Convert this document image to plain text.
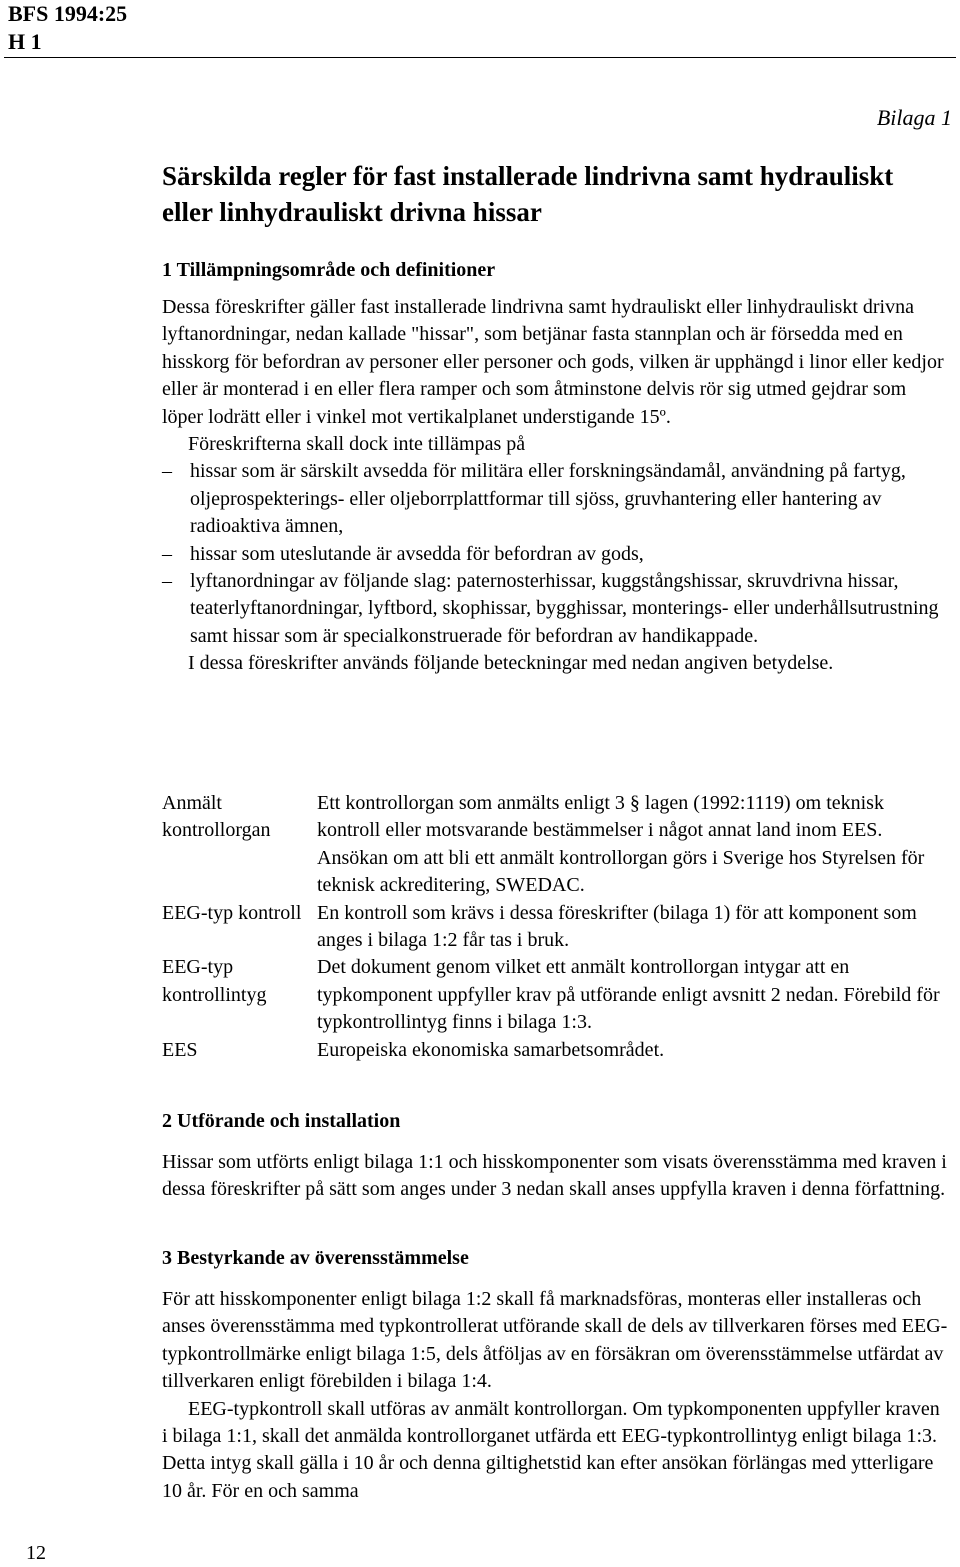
BFS 1994:25
H 1
Bilaga 1
Särskilda regler för fast installerade lindrivna samt hydrauliskt eller linhydrauliskt drivna hissar
1 Tillämpningsområde och definitioner

Dessa föreskrifter gäller fast installerade lindrivna samt hydrauliskt eller linhydrauliskt drivna lyftanordningar, nedan kallade "hissar", som betjänar fasta stannplan och är försedda med en hisskorg för befordran av personer eller personer och gods, vilken är upphängd i linor eller kedjor eller är monterad i en eller flera ramper och som åtminstone delvis rör sig utmed gejdrar som löper lodrätt eller i vinkel mot vertikalplanet understigande 15º.

Föreskrifterna skall dock inte tillämpas på

– hissar som är särskilt avsedda för militära eller forskningsändamål, användning på fartyg, oljeprospekterings- eller oljeborrplattformar till sjöss, gruvhantering eller hantering av radioaktiva ämnen,
– hissar som uteslutande är avsedda för befordran av gods,
– lyftanordningar av följande slag: paternosterhissar, kuggstångshissar, skruvdrivna hissar, teaterlyftanordningar, lyftbord, skophissar, bygghissar, monterings- eller underhållsutrustning samt hissar som är specialkonstruerade för befordran av handikappade.

I dessa föreskrifter används följande beteckningar med nedan angiven betydelse.

Anmält kontrollorgan
Ett kontrollorgan som anmälts enligt 3 § lagen (1992:1119) om teknisk kontroll eller motsvarande bestämmelser i något annat land inom EES. Ansökan om att bli ett anmält kontrollorgan görs i Sverige hos Styrelsen för teknisk ackreditering, SWEDAC.
EEG-typ kontroll En kontroll som krävs i dessa föreskrifter (bilaga 1) för att komponent som anges i bilaga 1:2 får tas i bruk.
EEG-typ kontrollintyg
Det dokument genom vilket ett anmält kontrollorgan intygar att en typkomponent uppfyller krav på utförande enligt avsnitt 2 nedan. Förebild för typkontrollintyg finns i bilaga 1:3.
EES	Europeiska ekonomiska samarbetsområdet.
2 Utförande och installation

Hissar som utförts enligt bilaga 1:1 och hisskomponenter som visats överensstämma med kraven i dessa föreskrifter på sätt som anges under 3 nedan skall anses uppfylla kraven i denna författning.

3 Bestyrkande av överensstämmelse

För att hisskomponenter enligt bilaga 1:2 skall få marknadsföras, monteras eller installeras och anses överensstämma med typkontrollerat utförande skall de dels av tillverkaren förses med EEG-typkontrollmärke enligt bilaga 1:5, dels åtföljas av en försäkran om överensstämmelse utfärdat av tillverkaren enligt förebilden i bilaga 1:4.

EEG-typkontroll skall utföras av anmält kontrollorgan. Om typkomponenten uppfyller kraven i bilaga 1:1, skall det anmälda kontrollorganet utfärda ett EEG-typkontrollintyg enligt bilaga 1:3. Detta intyg skall gälla i 10 år och denna giltighetstid kan efter ansökan förlängas med ytterligare 10 år. För en och samma

12
